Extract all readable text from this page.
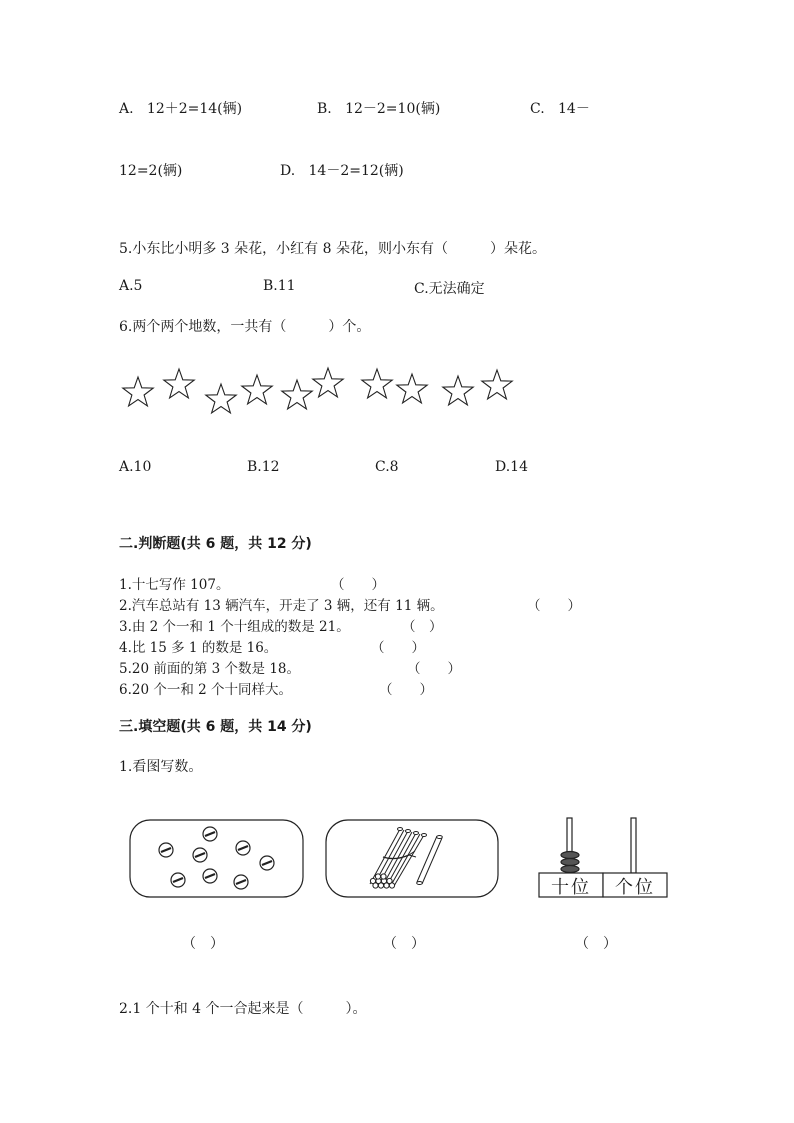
A.   12＋2=14(辆)	B.   12－2=10(辆)	C.   14－
12=2(辆)	D.   14－2=12(辆)
5.小东比小明多 3 朵花，小红有 8 朵花，则小东有（　　　）朵花。
A.5	B.11	C.无法确定
6.两个两个地数，一共有（　　　）个。
A.10	B.12	C.8	D.14
二.判断题(共 6 题，共 12 分)
1.十七写作 107。	（　　）
2.汽车总站有 13 辆汽车，开走了 3 辆，还有 11 辆。	（　　）
3.由 2 个一和 1 个十组成的数是 21。	（　）
4.比 15 多 1 的数是 16。	（　　）
5.20 前面的第 3 个数是 18。	（　　）
6.20 个一和 2 个十同样大。	（　　）
三.填空题(共 6 题，共 14 分)
1.看图写数。
十位	个位
（　）	（　）	（　）
2.1 个十和 4 个一合起来是（　　　）。
